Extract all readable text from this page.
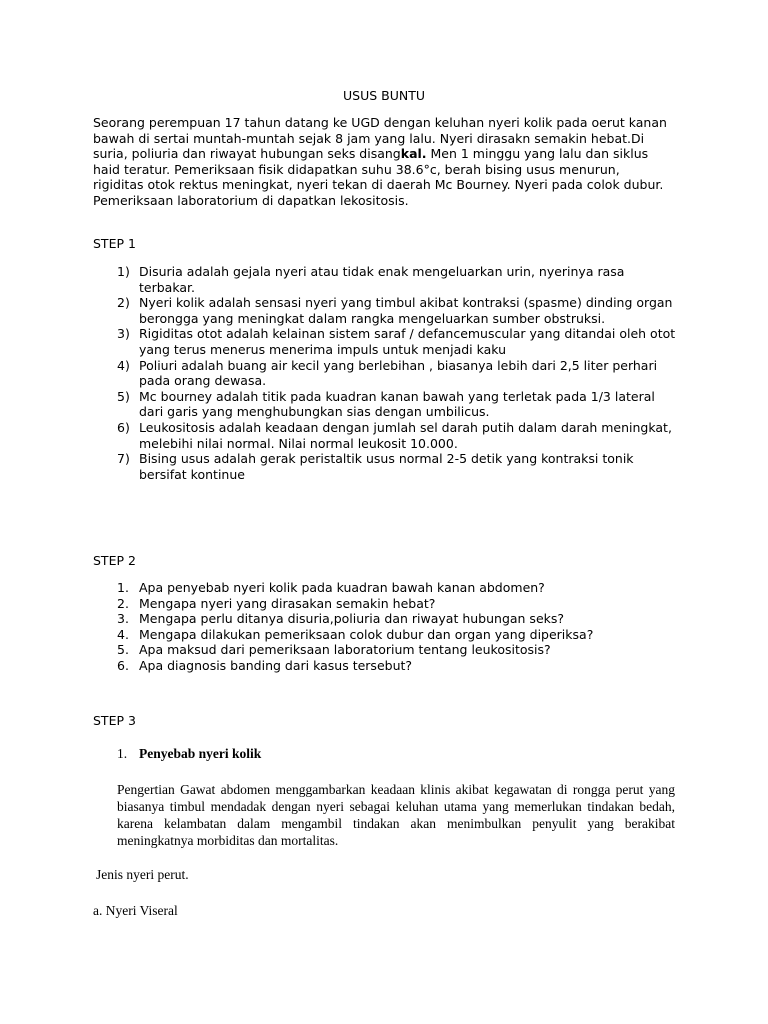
USUS BUNTU
Seorang perempuan 17 tahun datang ke UGD dengan keluhan nyeri kolik pada oerut kanan bawah di sertai muntah-muntah sejak 8 jam yang lalu. Nyeri dirasakn semakin hebat.Di suria, poliuria dan riwayat hubungan seks disangkal. Men 1 minggu yang lalu dan siklus haid teratur. Pemeriksaan fisik didapatkan suhu 38.6°c, berah bising usus menurun, rigiditas otok rektus meningkat, nyeri tekan di daerah Mc Bourney. Nyeri pada colok dubur. Pemeriksaan laboratorium di dapatkan lekositosis.
STEP 1
1) Disuria adalah gejala nyeri atau tidak enak mengeluarkan urin, nyerinya rasa terbakar.
2) Nyeri kolik adalah sensasi nyeri yang timbul akibat kontraksi (spasme) dinding organ berongga yang meningkat dalam rangka mengeluarkan sumber obstruksi.
3) Rigiditas otot adalah kelainan sistem saraf / defancemuscular yang ditandai oleh otot yang terus menerus menerima impuls untuk menjadi kaku
4) Poliuri adalah buang air kecil yang berlebihan , biasanya lebih dari 2,5 liter perhari pada orang dewasa.
5) Mc bourney adalah titik pada kuadran kanan bawah yang terletak pada 1/3 lateral dari garis yang menghubungkan sias dengan umbilicus.
6) Leukositosis adalah keadaan dengan jumlah sel darah putih dalam darah meningkat, melebihi nilai normal. Nilai normal leukosit 10.000.
7) Bising usus adalah gerak peristaltik usus normal 2-5 detik yang kontraksi tonik bersifat kontinue
STEP 2
1. Apa penyebab nyeri kolik pada kuadran bawah kanan abdomen?
2. Mengapa nyeri yang dirasakan semakin hebat?
3. Mengapa perlu ditanya disuria,poliuria dan riwayat hubungan seks?
4. Mengapa dilakukan pemeriksaan colok dubur dan organ yang diperiksa?
5. Apa maksud dari pemeriksaan laboratorium tentang leukositosis?
6. Apa diagnosis banding dari kasus tersebut?
STEP 3
1. Penyebab nyeri kolik
Pengertian Gawat abdomen menggambarkan keadaan klinis akibat kegawatan di rongga perut yang biasanya timbul mendadak dengan nyeri sebagai keluhan utama yang memerlukan tindakan bedah, karena kelambatan dalam mengambil tindakan akan menimbulkan penyulit yang berakibat meningkatnya morbiditas dan mortalitas.
Jenis nyeri perut.
a. Nyeri Viseral
